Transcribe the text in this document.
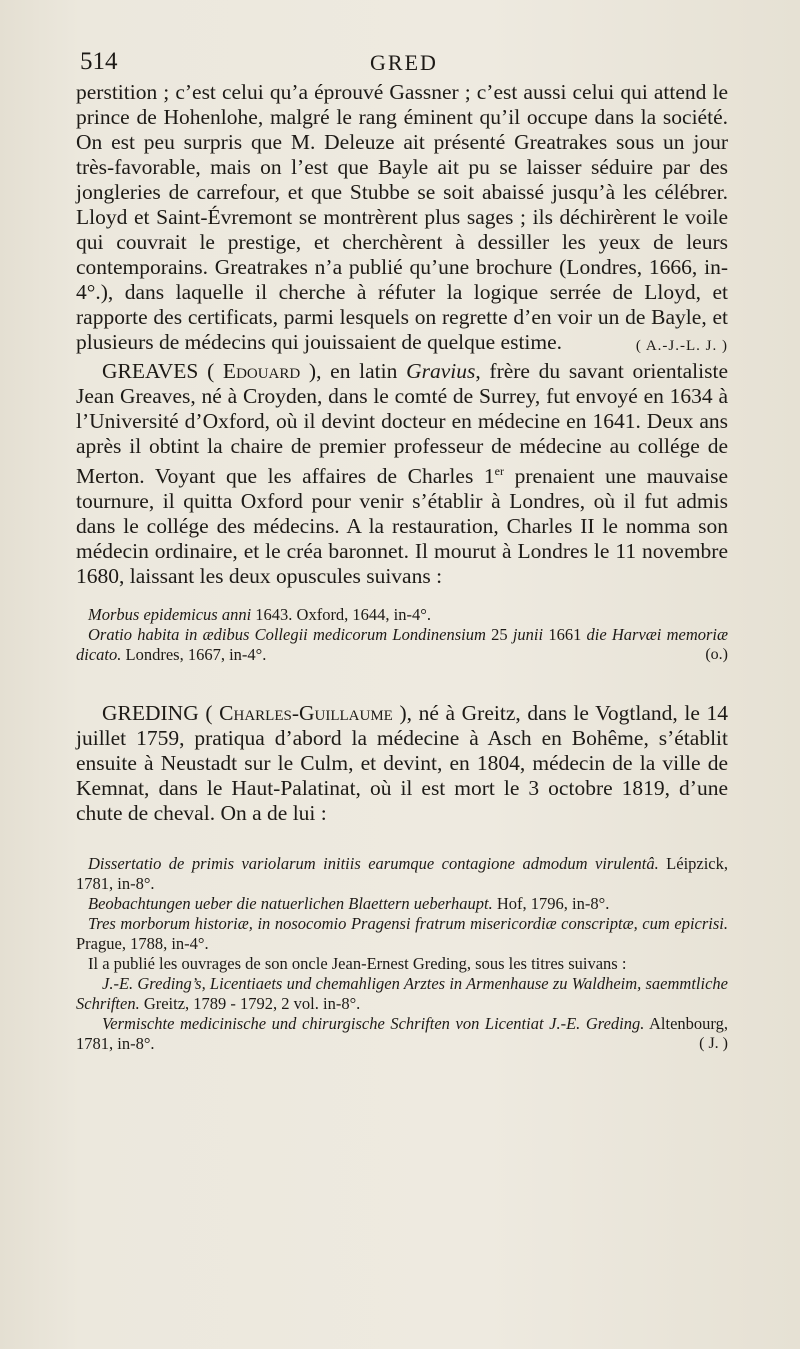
514	GRED

perstition ; c’est celui qu’a éprouvé Gassner ; c’est aussi celui qui attend le prince de Hohenlohe, malgré le rang éminent qu’il occupe dans la société. On est peu surpris que M. Deleuze ait présenté Greatrakes sous un jour très-favorable, mais on l’est que Bayle ait pu se laisser séduire par des jongleries de carrefour, et que Stubbe se soit abaissé jusqu’à les célébrer. Lloyd et Saint-Évremont se montrèrent plus sages ; ils déchirèrent le voile qui couvrait le prestige, et cherchèrent à dessiller les yeux de leurs contemporains. Greatrakes n’a publié qu’une brochure (Londres, 1666, in-4°.), dans laquelle il cherche à réfuter la logique serrée de Lloyd, et rapporte des certificats, parmi lesquels on regrette d’en voir un de Bayle, et plusieurs de médecins qui jouissaient de quelque estime.	( A.-J.-L. J. )

GREAVES ( Edouard ), en latin Gravius, frère du savant orientaliste Jean Greaves, né à Croyden, dans le comté de Surrey, fut envoyé en 1634 à l’Université d’Oxford, où il devint docteur en médecine en 1641. Deux ans après il obtint la chaire de premier professeur de médecine au collége de Merton. Voyant que les affaires de Charles 1er prenaient une mauvaise tournure, il quitta Oxford pour venir s’établir à Londres, où il fut admis dans le collége des médecins. A la restauration, Charles II le nomma son médecin ordinaire, et le créa baronnet. Il mourut à Londres le 11 novembre 1680, laissant les deux opuscules suivans :

Morbus epidemicus anni 1643. Oxford, 1644, in-4°.

Oratio habita in ædibus Collegii medicorum Londinensium 25 junii 1661 die Harvæi memoriæ dicato. Londres, 1667, in-4°.	(o.)

GREDING ( Charles-Guillaume ), né à Greitz, dans le Vogtland, le 14 juillet 1759, pratiqua d’abord la médecine à Asch en Bohême, s’établit ensuite à Neustadt sur le Culm, et devint, en 1804, médecin de la ville de Kemnat, dans le Haut-Palatinat, où il est mort le 3 octobre 1819, d’une chute de cheval. On a de lui :

Dissertatio de primis variolarum initiis earumque contagione admodum virulentâ. Léipzick, 1781, in-8°.

Beobachtungen ueber die natuerlichen Blaettern ueberhaupt. Hof, 1796, in-8°.

Tres morborum historiæ, in nosocomio Pragensi fratrum misericordiæ conscriptæ, cum epicrisi. Prague, 1788, in-4°.

Il a publié les ouvrages de son oncle Jean-Ernest Greding, sous les titres suivans :

J.-E. Greding’s, Licentiaets und chemahligen Arztes in Armenhause zu Waldheim, saemmtliche Schriften. Greitz, 1789 - 1792, 2 vol. in-8°.

Vermischte medicinische und chirurgische Schriften von Licentiat J.-E. Greding. Altenbourg, 1781, in-8°.	( J. )
